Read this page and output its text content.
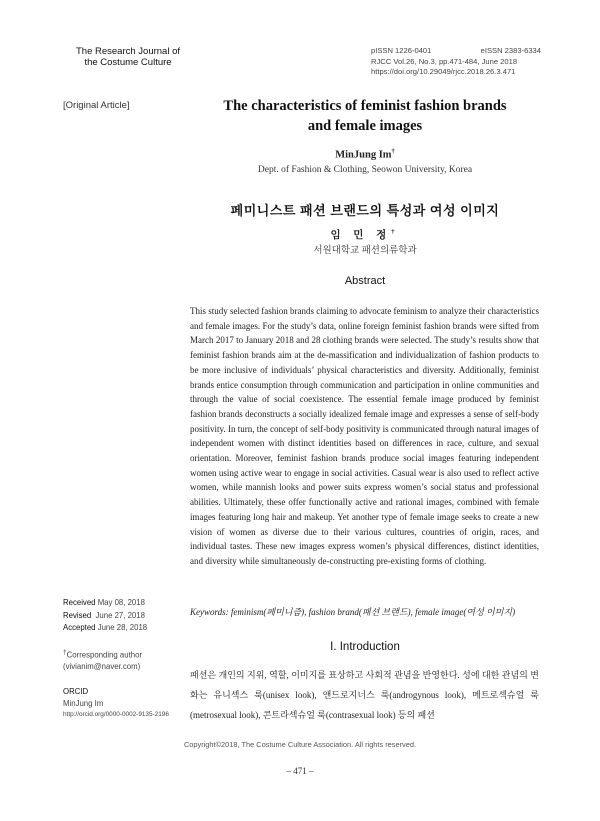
The Research Journal of
the Costume Culture
pISSN 1226-0401	eISSN 2383-6334
RJCC Vol.26, No.3, pp.471-484, June 2018
https://doi.org/10.29049/rjcc.2018.26.3.471
[Original Article]	The characteristics of feminist fashion brands
and female images
MinJung Im†
Dept. of Fashion & Clothing, Seowon University, Korea
페미니스트 패션 브랜드의 특성과 여성 이미지
임 민 정†
서원대학교 패션의류학과
Abstract

This study selected fashion brands claiming to advocate feminism to analyze their characteristics and female images. For the study’s data, online foreign feminist fashion brands were sifted from March 2017 to January 2018 and 28 clothing brands were selected. The study’s results show that feminist fashion brands aim at the de-massification and individualization of fashion products to be more inclusive of individuals’ physical characteristics and diversity. Additionally, feminist brands entice consumption through communication and participation in online communities and through the value of social coexistence. The essential female image produced by feminist fashion brands deconstructs a socially idealized female image and expresses a sense of self-body positivity. In turn, the concept of self-body positivity is communicated through natural images of independent women with distinct identities based on differences in race, culture, and sexual orientation. Moreover, feminist fashion brands produce social images featuring independent women using active wear to engage in social activities. Casual wear is also used to reflect active women, while mannish looks and power suits express women’s social status and professional abilities. Ultimately, these offer functionally active and rational images, combined with female images featuring long hair and makeup. Yet another type of female image seeks to create a new vision of women as diverse due to their various cultures, countries of origin, races, and individual tastes. These new images express women’s physical differences, distinct identities, and diversity while simultaneously de-constructing pre-existing forms of clothing.

Keywords: feminism(페미니즘), fashion brand(패션 브랜드), female image(여성 이미지)
Received May 08, 2018
Revised June 27, 2018
Accepted June 28, 2018
†Corresponding author
(vivianim@naver.com)
ORCID
MinJung Im
http://orcid.org/0000-0002-9135-2196
I. Introduction

패션은 개인의 지위, 역할, 이미지를 표상하고 사회적 관념을 반영한다. 성에 대한 관념의 변화는 유니섹스 룩(unisex look), 앤드로지너스 룩(androgynous look), 메트로섹슈얼 룩(metrosexual look), 콘트라섹슈얼 룩(contrasexual look) 등의 패션

Copyright©2018, The Costume Culture Association. All rights reserved.
– 471 –
